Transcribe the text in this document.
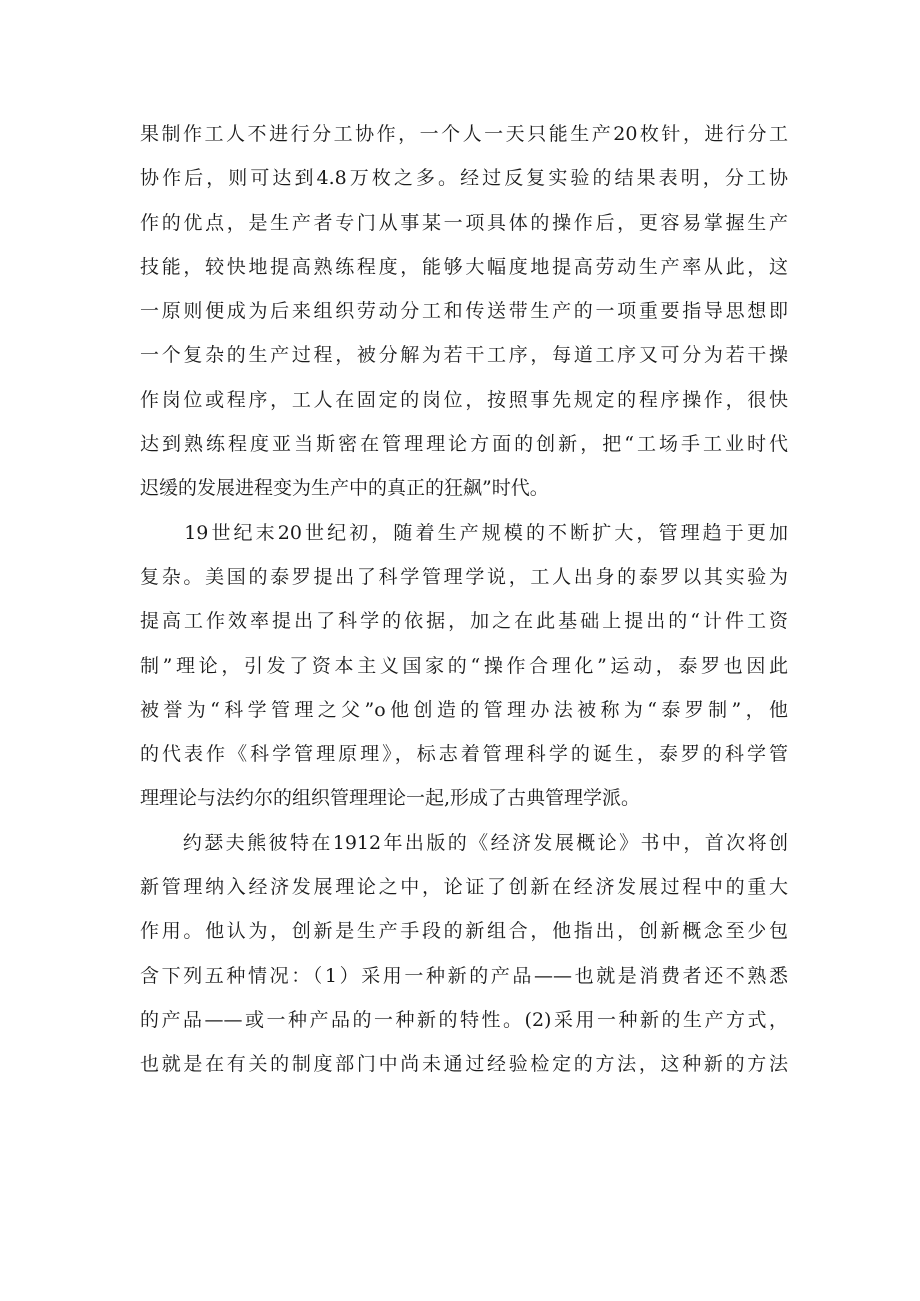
果制作工人不进行分工协作，一个人一天只能生产20枚针，进行分工
协作后，则可达到4.8万枚之多。经过反复实验的结果表明，分工协
作的优点，是生产者专门从事某一项具体的操作后，更容易掌握生产
技能，较快地提高熟练程度，能够大幅度地提高劳动生产率从此，这
一原则便成为后来组织劳动分工和传送带生产的一项重要指导思想即
一个复杂的生产过程，被分解为若干工序，每道工序又可分为若干操
作岗位或程序，工人在固定的岗位，按照事先规定的程序操作，很快
达到熟练程度亚当斯密在管理理论方面的创新，把“工场手工业时代
迟缓的发展进程变为生产中的真正的狂飙”时代。
　　19世纪末20世纪初，随着生产规模的不断扩大，管理趋于更加
复杂。美国的泰罗提出了科学管理学说，工人出身的泰罗以其实验为
提高工作效率提出了科学的依据，加之在此基础上提出的“计件工资
制”理论，引发了资本主义国家的“操作合理化”运动，泰罗也因此
被誉为“科学管理之父”o他创造的管理办法被称为“泰罗制”，他
的代表作《科学管理原理》，标志着管理科学的诞生，泰罗的科学管
理理论与法约尔的组织管理理论一起,形成了古典管理学派。
　　约瑟夫熊彼特在1912年出版的《经济发展概论》书中，首次将创
新管理纳入经济发展理论之中，论证了创新在经济发展过程中的重大
作用。他认为，创新是生产手段的新组合，他指出，创新概念至少包
含下列五种情况：（1）采用一种新的产品——也就是消费者还不熟悉
的产品——或一种产品的一种新的特性。(2)采用一种新的生产方式，
也就是在有关的制度部门中尚未通过经验检定的方法，这种新的方法
